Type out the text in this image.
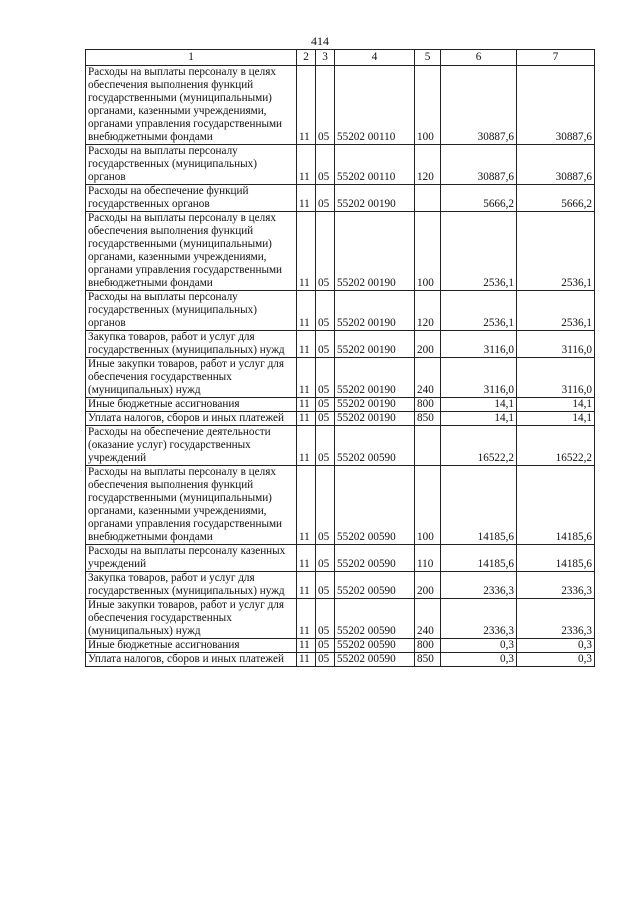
414
1	2	3	4	5	6	7
Расходы на выплаты персоналу в целях обеспечения выполнения функций государственными (муниципальными) органами, казенными учреждениями, органами управления государственными внебюджетными фондами	11	05	55202 00110	100	30887,6	30887,6
Расходы на выплаты персоналу государственных (муниципальных) органов	11	05	55202 00110	120	30887,6	30887,6
Расходы на обеспечение функций государственных органов	11	05	55202 00190		5666,2	5666,2
Расходы на выплаты персоналу в целях обеспечения выполнения функций государственными (муниципальными) органами, казенными учреждениями, органами управления государственными внебюджетными фондами	11	05	55202 00190	100	2536,1	2536,1
Расходы на выплаты персоналу государственных (муниципальных) органов	11	05	55202 00190	120	2536,1	2536,1
Закупка товаров, работ и услуг для государственных (муниципальных) нужд	11	05	55202 00190	200	3116,0	3116,0
Иные закупки товаров, работ и услуг для обеспечения государственных (муниципальных) нужд	11	05	55202 00190	240	3116,0	3116,0
Иные бюджетные ассигнования	11	05	55202 00190	800	14,1	14,1
Уплата налогов, сборов и иных платежей	11	05	55202 00190	850	14,1	14,1
Расходы на обеспечение деятельности (оказание услуг) государственных учреждений	11	05	55202 00590		16522,2	16522,2
Расходы на выплаты персоналу в целях обеспечения выполнения функций государственными (муниципальными) органами, казенными учреждениями, органами управления государственными внебюджетными фондами	11	05	55202 00590	100	14185,6	14185,6
Расходы на выплаты персоналу казенных учреждений	11	05	55202 00590	110	14185,6	14185,6
Закупка товаров, работ и услуг для государственных (муниципальных) нужд	11	05	55202 00590	200	2336,3	2336,3
Иные закупки товаров, работ и услуг для обеспечения государственных (муниципальных) нужд	11	05	55202 00590	240	2336,3	2336,3
Иные бюджетные ассигнования	11	05	55202 00590	800	0,3	0,3
Уплата налогов, сборов и иных платежей	11	05	55202 00590	850	0,3	0,3
